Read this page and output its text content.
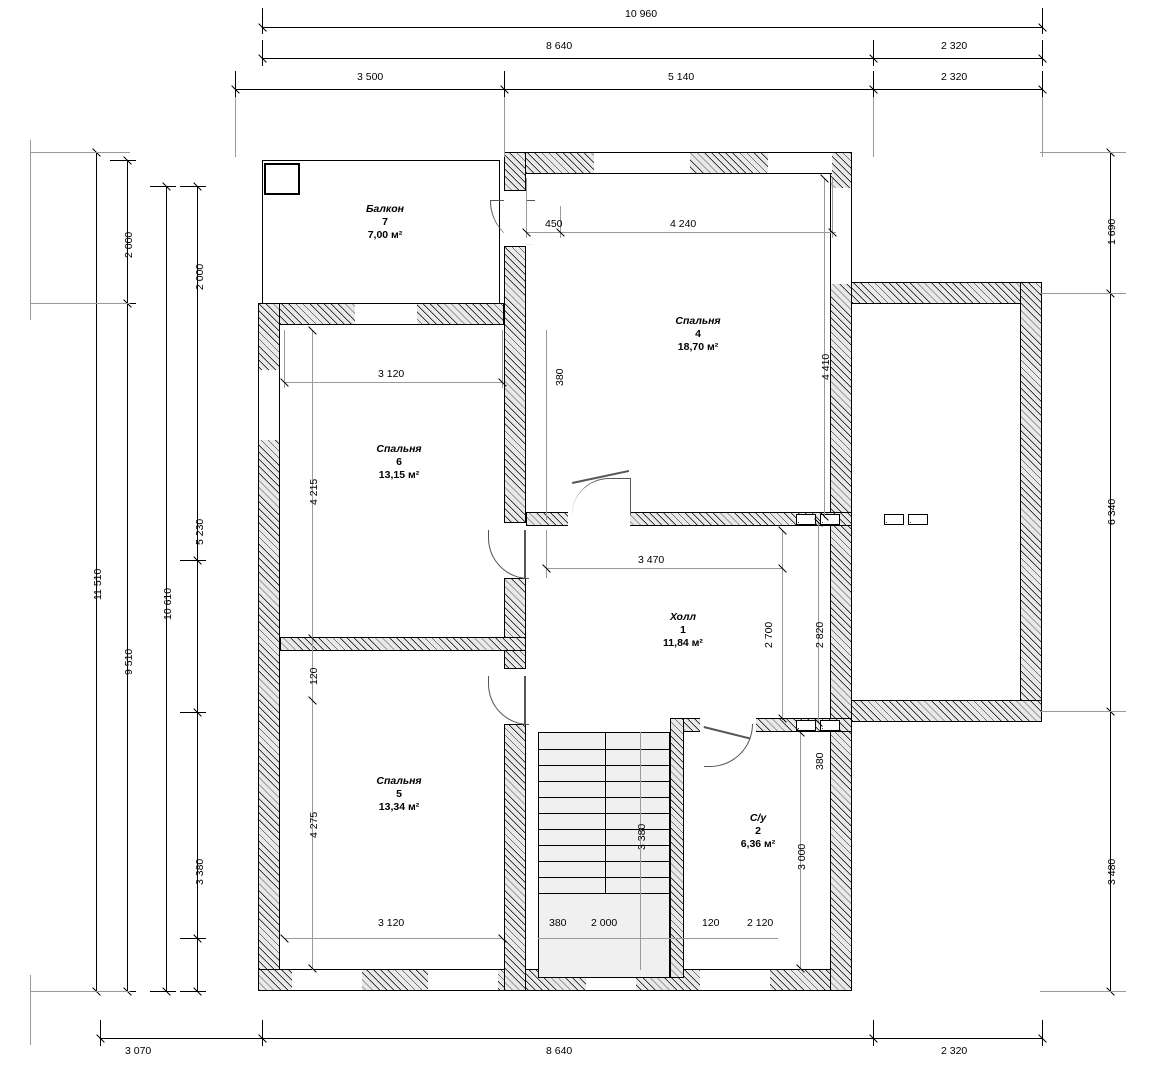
Балкон
7
7,00 м²
Спальня
4
18,70 м²
Спальня
6
13,15 м²
Холл
1
11,84 м²
Спальня
5
13,34 м²
С/у
2
6,36 м²
10 960
8 640	2 320
3 500	5 140	2 320
3 070	8 640	2 320
11 510
9 510
2 000
10 610
5 230
3 380
2 000
1 690
6 340
3 480
450	4 240
380	4 410
3 120
4 215
120
4 275
3 470
2 700	2 820
380
3 000
3 380
380 2 000	120	2 120
3 120
